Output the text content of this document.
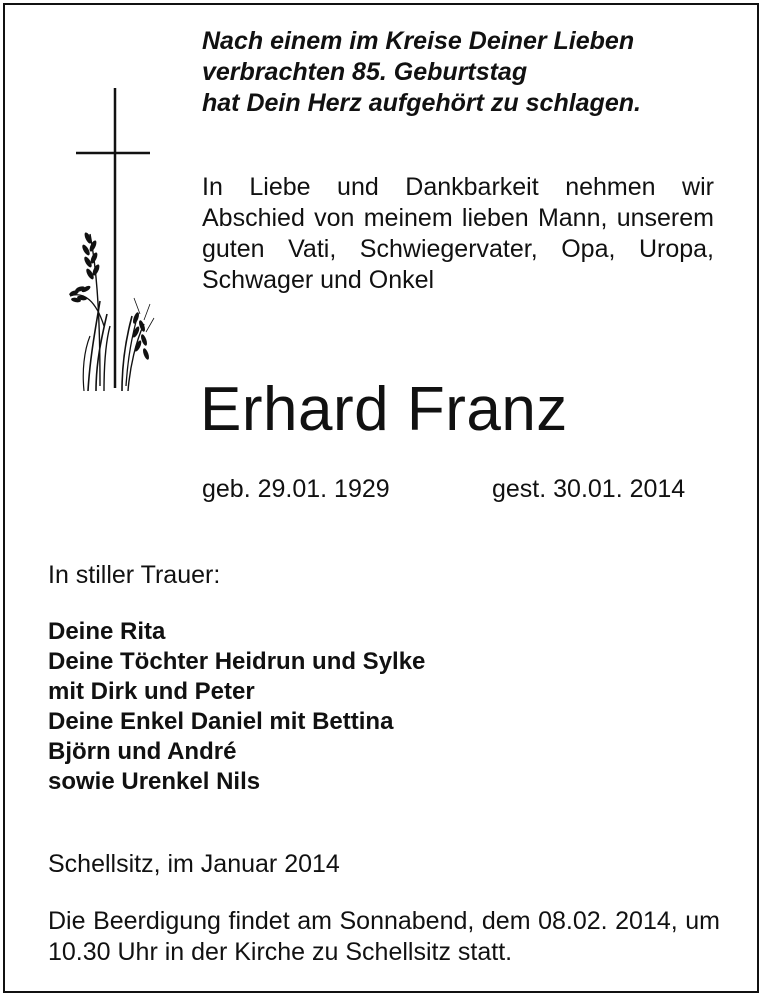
Nach einem im Kreise Deiner Lieben
verbrachten 85. Geburtstag
hat Dein Herz aufgehört zu schlagen.

In Liebe und Dankbarkeit nehmen wir Abschied von meinem lieben Mann, unserem guten Vati, Schwiegervater, Opa, Uropa, Schwager und Onkel

Erhard Franz
geb. 29.01. 1929	gest. 30.01. 2014

In stiller Trauer:

Deine Rita
Deine Töchter Heidrun und Sylke
mit Dirk und Peter
Deine Enkel Daniel mit Bettina
Björn und André
sowie Urenkel Nils

Schellsitz, im Januar 2014

Die Beerdigung findet am Sonnabend, dem 08.02. 2014, um 10.30 Uhr in der Kirche zu Schellsitz statt.
